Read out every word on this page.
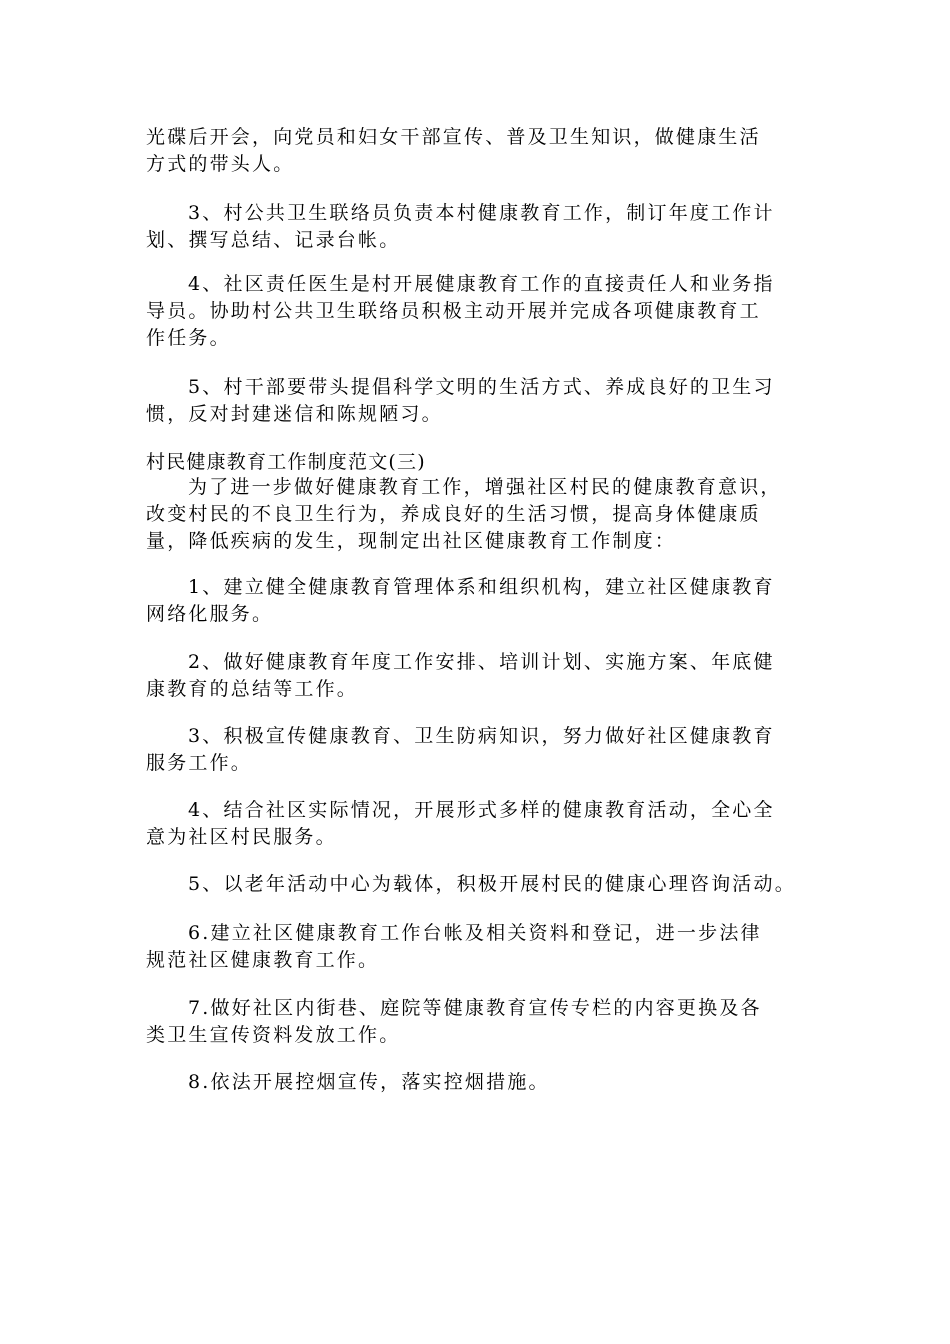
光碟后开会，向党员和妇女干部宣传、普及卫生知识，做健康生活
方式的带头人。
3、村公共卫生联络员负责本村健康教育工作，制订年度工作计
划、撰写总结、记录台帐。
4、社区责任医生是村开展健康教育工作的直接责任人和业务指
导员。协助村公共卫生联络员积极主动开展并完成各项健康教育工
作任务。
5、村干部要带头提倡科学文明的生活方式、养成良好的卫生习
惯，反对封建迷信和陈规陋习。
村民健康教育工作制度范文(三)
为了进一步做好健康教育工作，增强社区村民的健康教育意识，
改变村民的不良卫生行为，养成良好的生活习惯，提高身体健康质
量，降低疾病的发生，现制定出社区健康教育工作制度：
1、建立健全健康教育管理体系和组织机构，建立社区健康教育
网络化服务。
2、做好健康教育年度工作安排、培训计划、实施方案、年底健
康教育的总结等工作。
3、积极宣传健康教育、卫生防病知识，努力做好社区健康教育
服务工作。
4、结合社区实际情况，开展形式多样的健康教育活动，全心全
意为社区村民服务。
5、以老年活动中心为载体，积极开展村民的健康心理咨询活动。
6.建立社区健康教育工作台帐及相关资料和登记，进一步法律
规范社区健康教育工作。
7.做好社区内街巷、庭院等健康教育宣传专栏的内容更换及各
类卫生宣传资料发放工作。
8.依法开展控烟宣传，落实控烟措施。
